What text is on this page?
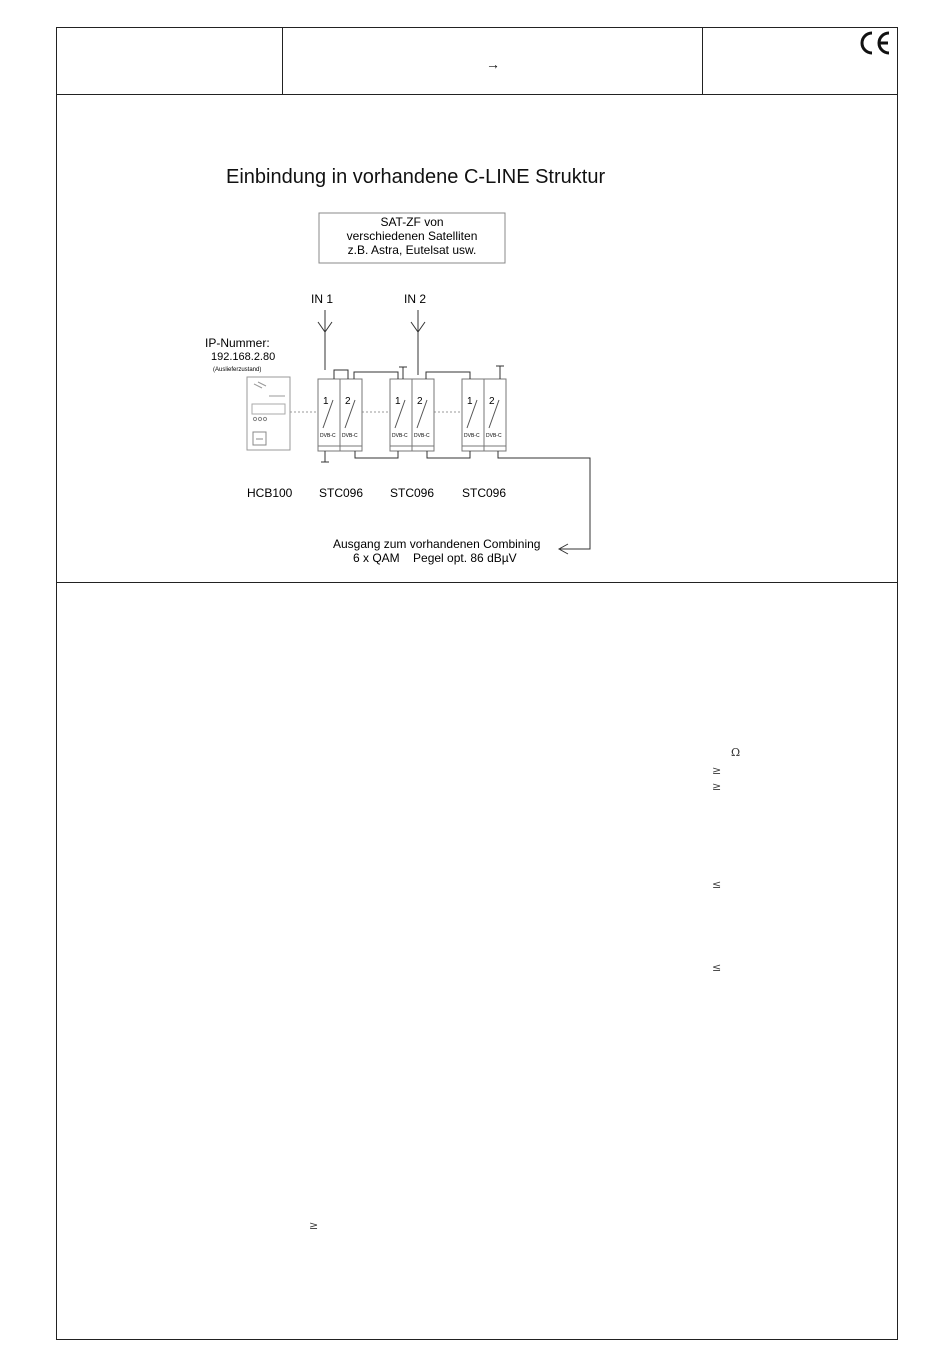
→
Einbindung in vorhandene C-LINE Struktur
SAT-ZF von
verschiedenen Satelliten
z.B. Astra, Eutelsat usw.
IN 1	IN 2
IP-Nummer:
192.168.2.80
(Auslieferzustand)
1 2
DVB-C DVB-C
1 2
DVB-C DVB-C
1 2
DVB-C DVB-C
HCB100 STC096 STC096 STC096
Ausgang zum vorhandenen Combining
6 x QAM    Pegel opt. 86 dBµV
Ω
≥
≥
≤
≤
≥
